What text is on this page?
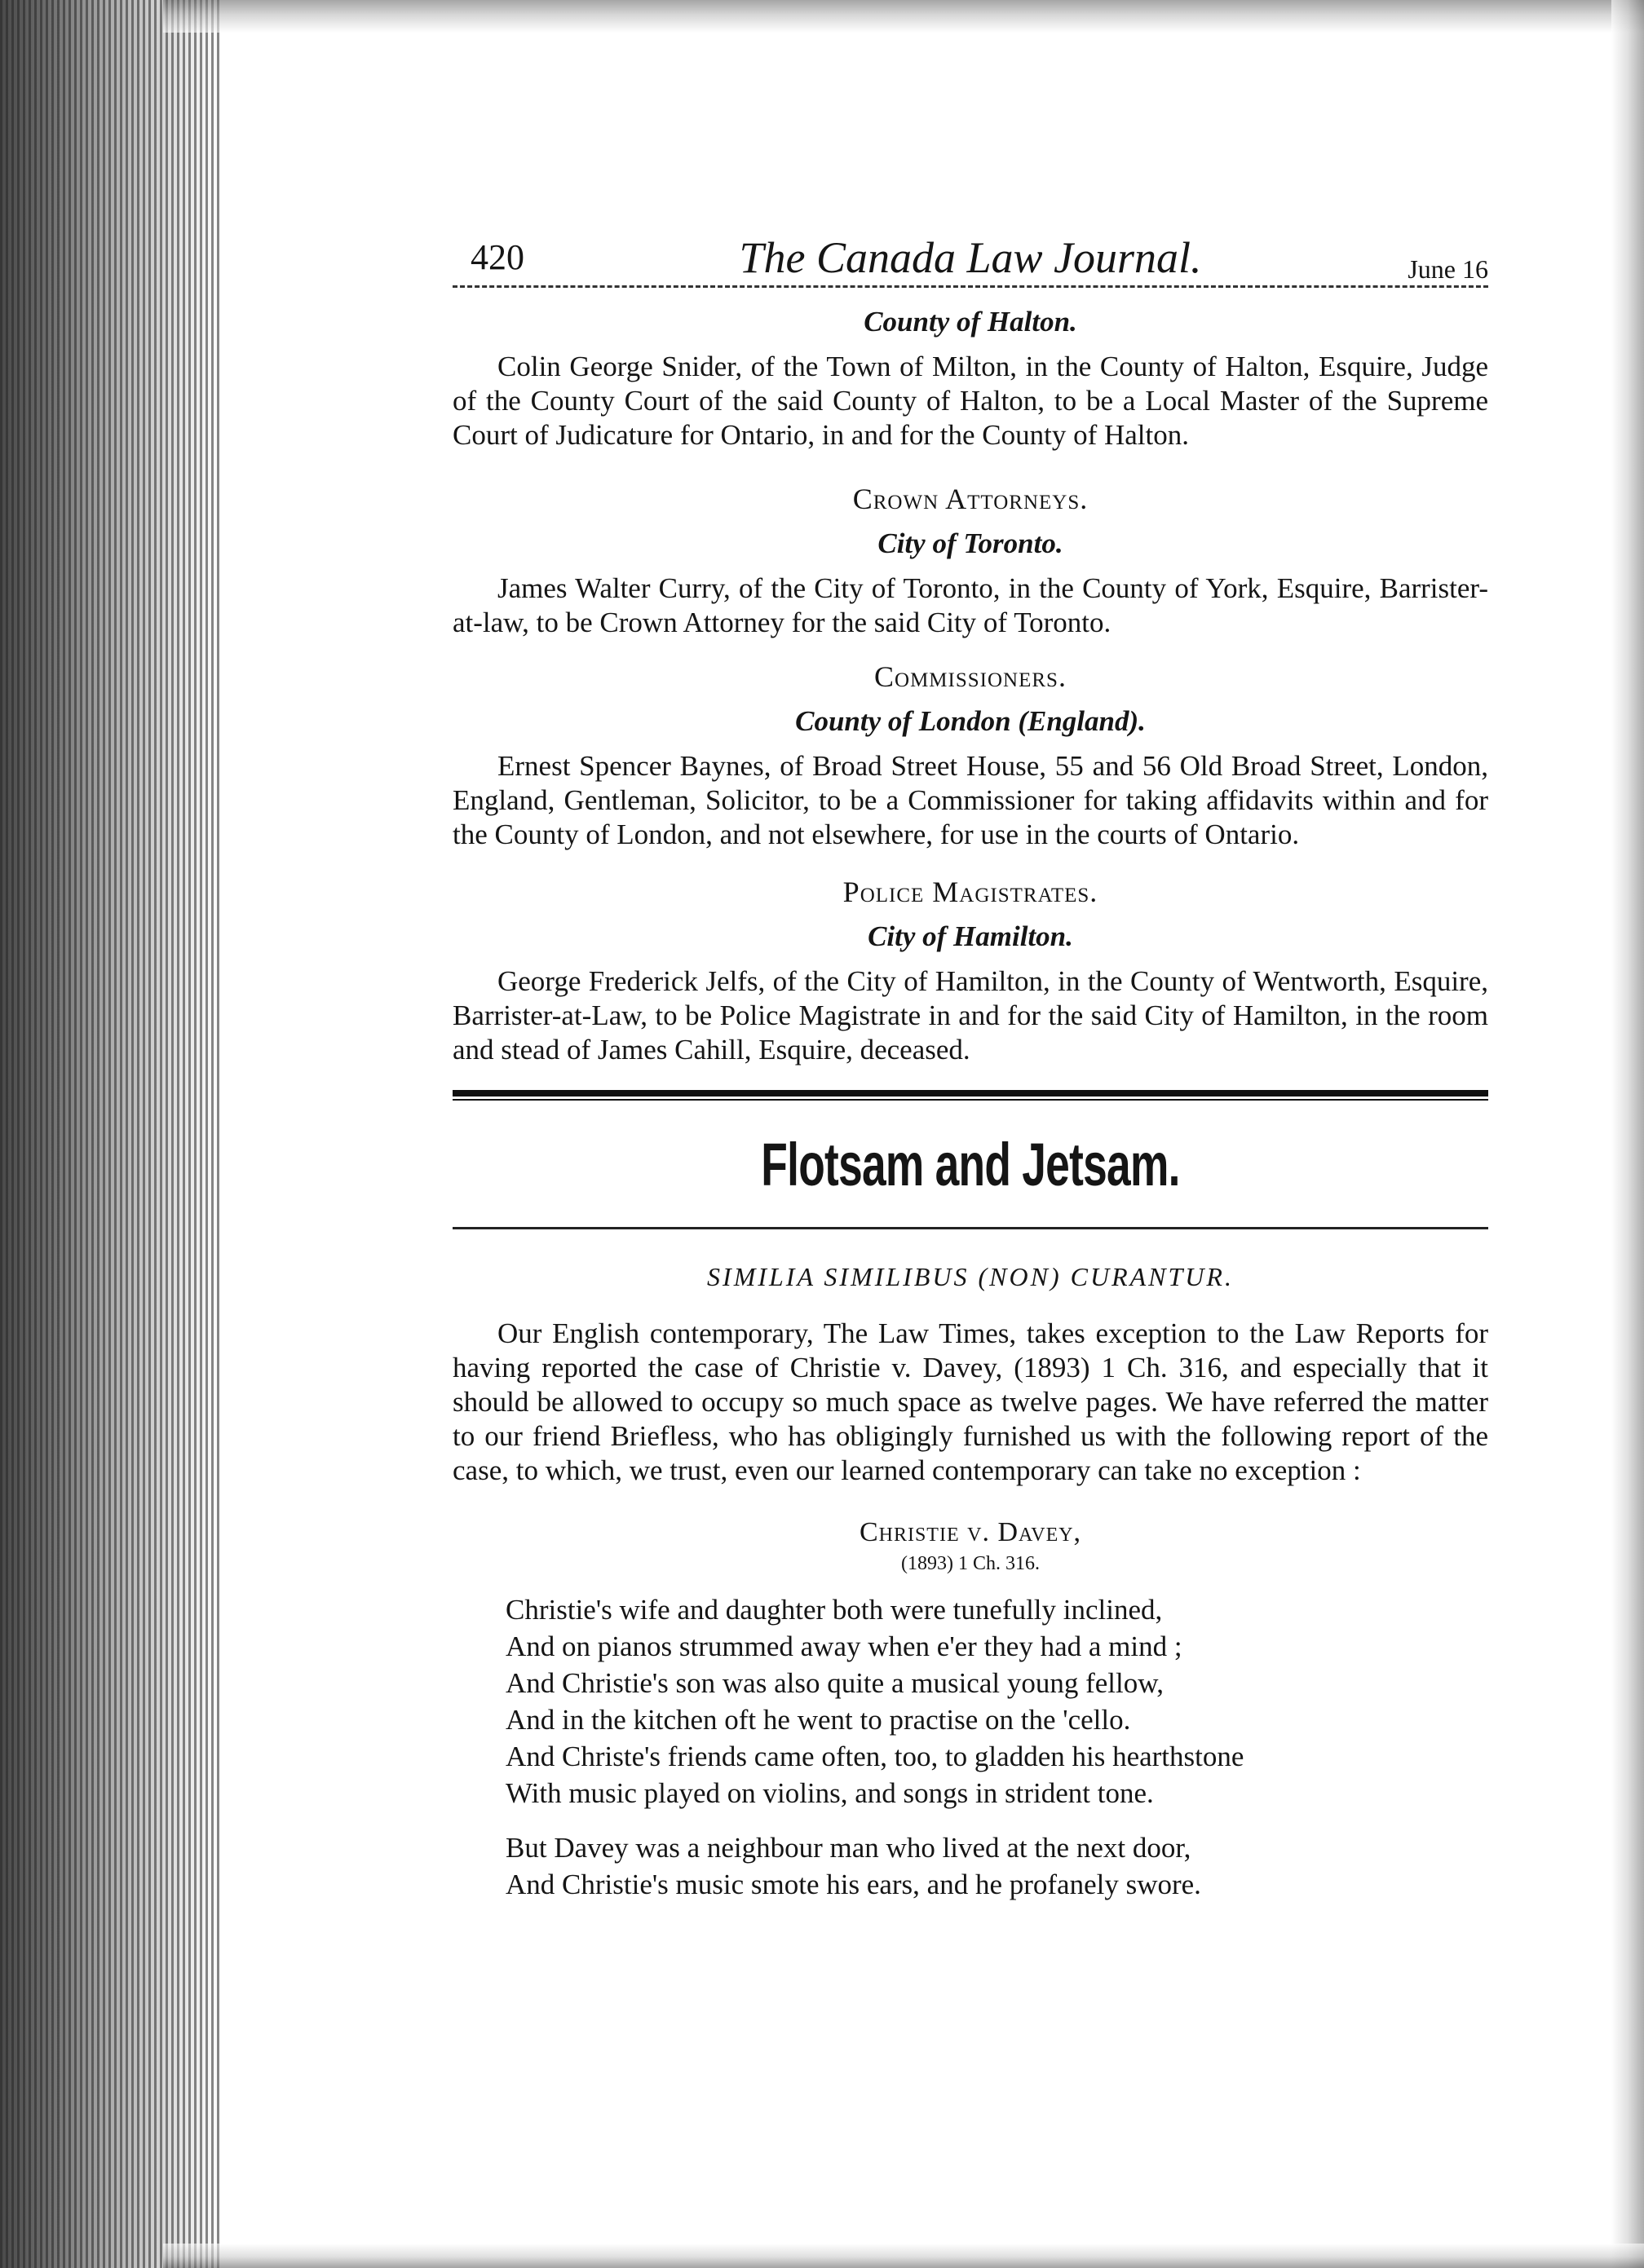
420	The Canada Law Journal.	June 16
County of Halton.

Colin George Snider, of the Town of Milton, in the County of Halton, Esquire, Judge of the County Court of the said County of Halton, to be a Local Master of the Supreme Court of Judicature for Ontario, in and for the County of Halton.

Crown Attorneys.
City of Toronto.

James Walter Curry, of the City of Toronto, in the County of York, Esquire, Barrister-at-law, to be Crown Attorney for the said City of Toronto.

Commissioners.
County of London (England).

Ernest Spencer Baynes, of Broad Street House, 55 and 56 Old Broad Street, London, England, Gentleman, Solicitor, to be a Commissioner for taking affidavits within and for the County of London, and not elsewhere, for use in the courts of Ontario.

Police Magistrates.
City of Hamilton.

George Frederick Jelfs, of the City of Hamilton, in the County of Wentworth, Esquire, Barrister-at-Law, to be Police Magistrate in and for the said City of Hamilton, in the room and stead of James Cahill, Esquire, deceased.

Flotsam and Jetsam.
SIMILIA SIMILIBUS (NON) CURANTUR.

Our English contemporary, The Law Times, takes exception to the Law Reports for having reported the case of Christie v. Davey, (1893) 1 Ch. 316, and especially that it should be allowed to occupy so much space as twelve pages. We have referred the matter to our friend Briefless, who has obligingly furnished us with the following report of the case, to which, we trust, even our learned contemporary can take no exception :

Christie v. Davey,
(1893) 1 Ch. 316.
Christie's wife and daughter both were tunefully inclined,
And on pianos strummed away when e'er they had a mind ;
And Christie's son was also quite a musical young fellow,
And in the kitchen oft he went to practise on the 'cello.
And Christe's friends came often, too, to gladden his hearthstone
With music played on violins, and songs in strident tone.
But Davey was a neighbour man who lived at the next door,
And Christie's music smote his ears, and he profanely swore.
